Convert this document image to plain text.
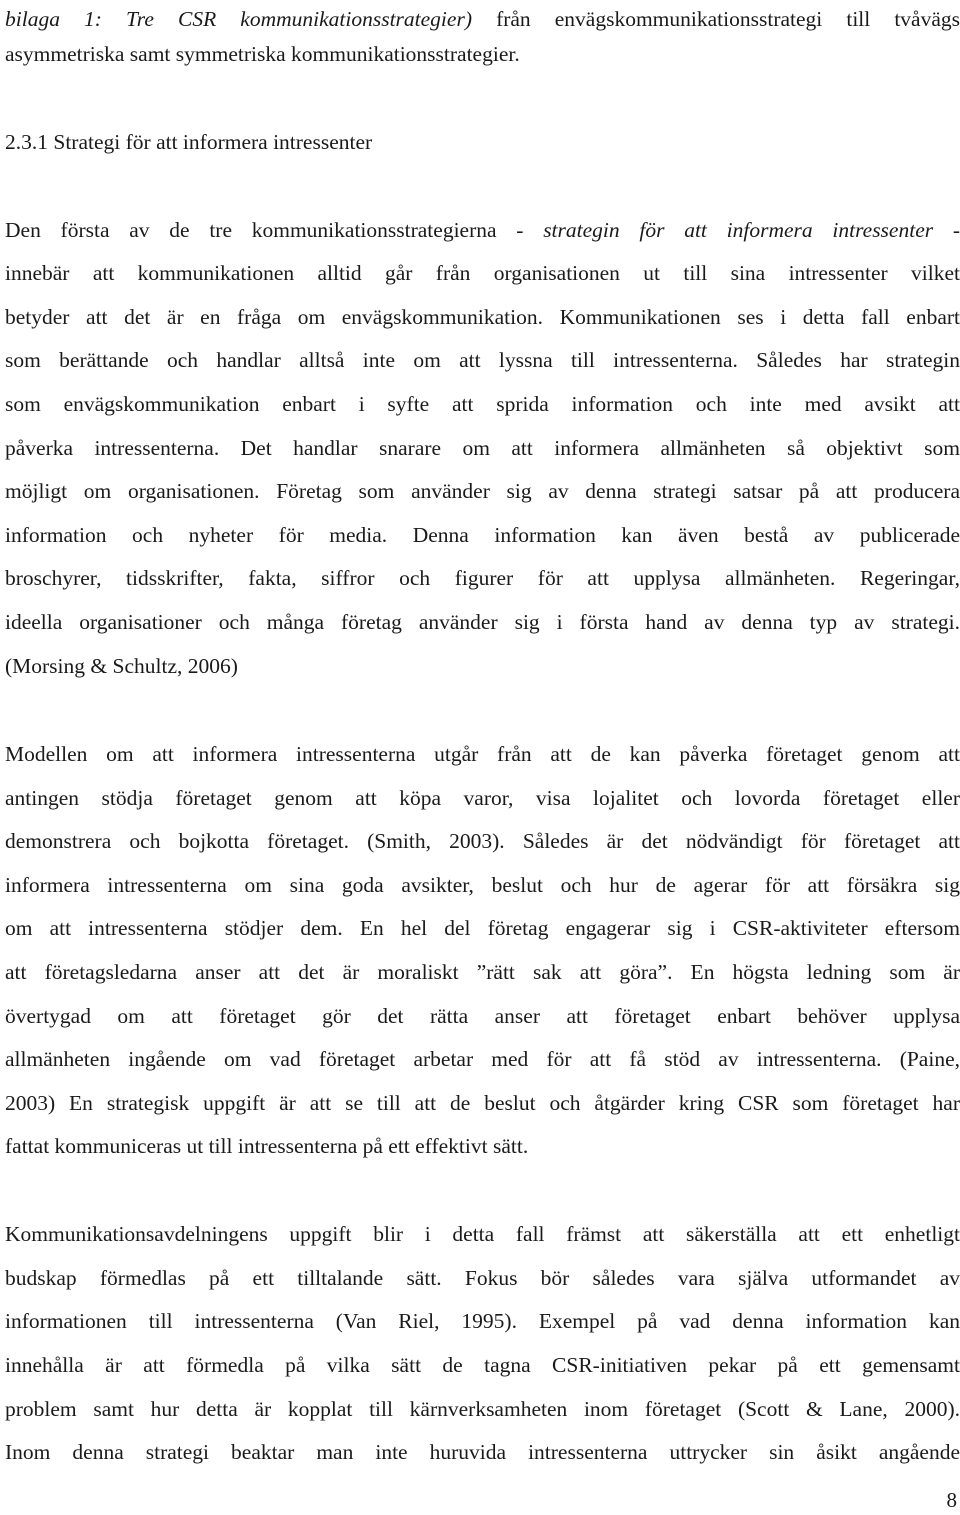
bilaga 1: Tre CSR kommunikationsstrategier) från envägskommunikationsstrategi till tvåvägs
asymmetriska samt symmetriska kommunikationsstrategier.
2.3.1 Strategi för att informera intressenter
Den första av de tre kommunikationsstrategierna - strategin för att informera intressenter -
innebär att kommunikationen alltid går från organisationen ut till sina intressenter vilket
betyder att det är en fråga om envägskommunikation. Kommunikationen ses i detta fall enbart
som berättande och handlar alltså inte om att lyssna till intressenterna. Således har strategin
som envägskommunikation enbart i syfte att sprida information och inte med avsikt att
påverka intressenterna. Det handlar snarare om att informera allmänheten så objektivt som
möjligt om organisationen. Företag som använder sig av denna strategi satsar på att producera
information och nyheter för media. Denna information kan även bestå av publicerade
broschyrer, tidsskrifter, fakta, siffror och figurer för att upplysa allmänheten. Regeringar,
ideella organisationer och många företag använder sig i första hand av denna typ av strategi.
(Morsing & Schultz, 2006)
Modellen om att informera intressenterna utgår från att de kan påverka företaget genom att
antingen stödja företaget genom att köpa varor, visa lojalitet och lovorda företaget eller
demonstrera och bojkotta företaget. (Smith, 2003). Således är det nödvändigt för företaget att
informera intressenterna om sina goda avsikter, beslut och hur de agerar för att försäkra sig
om att intressenterna stödjer dem. En hel del företag engagerar sig i CSR-aktiviteter eftersom
att företagsledarna anser att det är moraliskt ”rätt sak att göra”. En högsta ledning som är
övertygad om att företaget gör det rätta anser att företaget enbart behöver upplysa
allmänheten ingående om vad företaget arbetar med för att få stöd av intressenterna. (Paine,
2003) En strategisk uppgift är att se till att de beslut och åtgärder kring CSR som företaget har
fattat kommuniceras ut till intressenterna på ett effektivt sätt.
Kommunikationsavdelningens uppgift blir i detta fall främst att säkerställa att ett enhetligt
budskap förmedlas på ett tilltalande sätt. Fokus bör således vara själva utformandet av
informationen till intressenterna (Van Riel, 1995). Exempel på vad denna information kan
innehålla är att förmedla på vilka sätt de tagna CSR-initiativen pekar på ett gemensamt
problem samt hur detta är kopplat till kärnverksamheten inom företaget (Scott & Lane, 2000).
Inom denna strategi beaktar man inte huruvida intressenterna uttrycker sin åsikt angående
8
